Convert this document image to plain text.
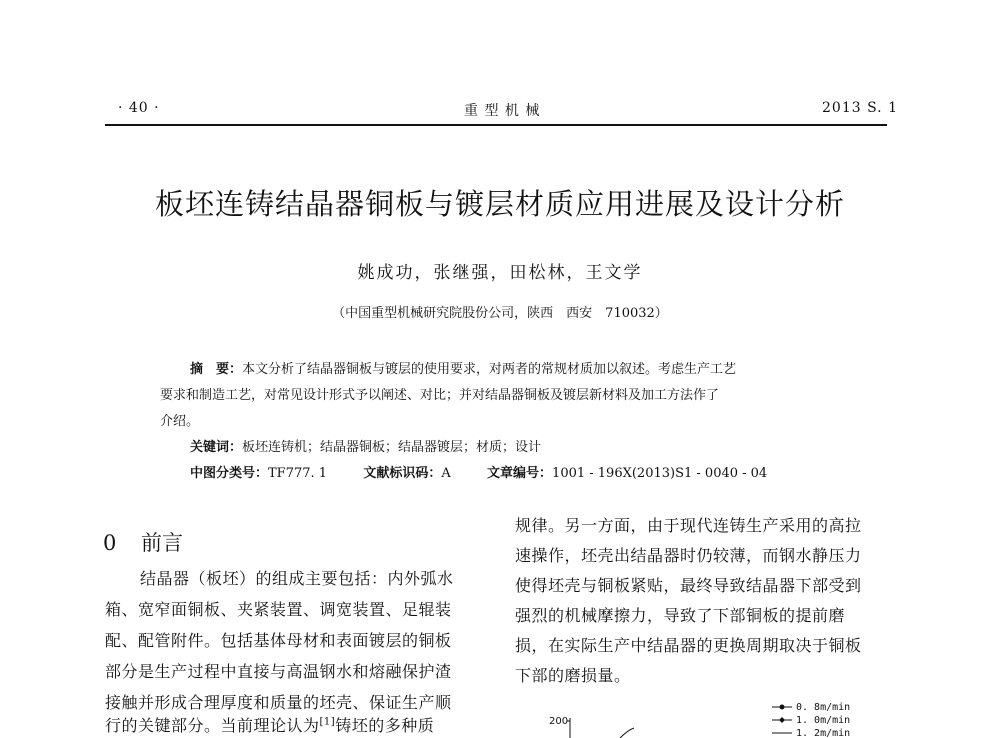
· 40 ·	重 型 机 械	2013 S. 1
板坯连铸结晶器铜板与镀层材质应用进展及设计分析
姚成功，张继强，田松林，王文学
（中国重型机械研究院股份公司，陕西　西安　710032）
摘　要：本文分析了结晶器铜板与镀层的使用要求，对两者的常规材质加以叙述。考虑生产工艺
要求和制造工艺，对常见设计形式予以阐述、对比；并对结晶器铜板及镀层新材料及加工方法作了
介绍。
关键词：板坯连铸机；结晶器铜板；结晶器镀层；材质；设计
中图分类号：TF777. 1	文献标识码：A	文章编号：1001 - 196X(2013)S1 - 0040 - 04
0 前言
结晶器（板坯）的组成主要包括：内外弧水
箱、宽窄面铜板、夹紧装置、调宽装置、足辊装
配、配管附件。包括基体母材和表面镀层的铜板
部分是生产过程中直接与高温钢水和熔融保护渣
接触并形成合理厚度和质量的坯壳、保证生产顺
行的关键部分。当前理论认为[1]铸坯的多种质
规律。另一方面，由于现代连铸生产采用的高拉
速操作，坯壳出结晶器时仍较薄，而钢水静压力
使得坯壳与铜板紧贴，最终导致结晶器下部受到
强烈的机械摩擦力，导致了下部铜板的提前磨
损，在实际生产中结晶器的更换周期取决于铜板
下部的磨损量。
200
0. 8m/min
1. 0m/min
1. 2m/min
